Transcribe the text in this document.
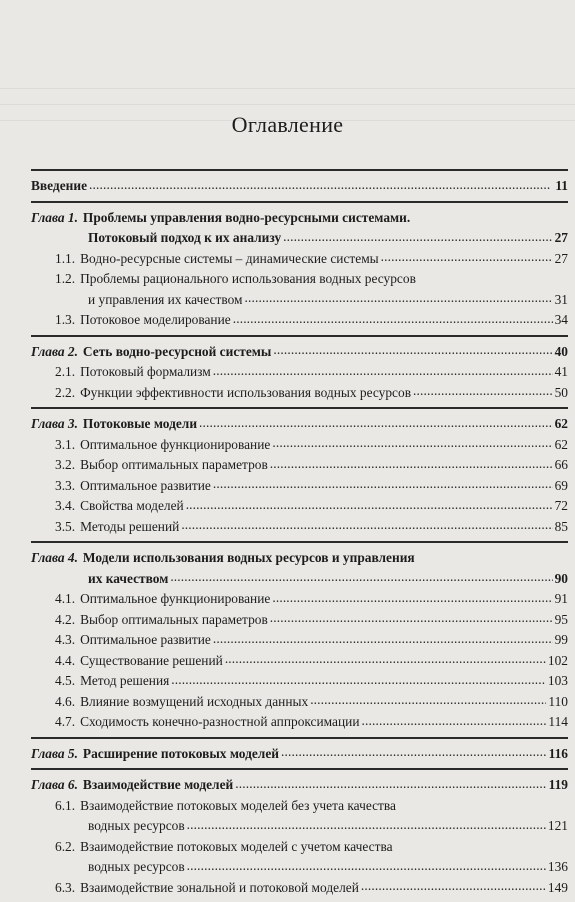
Оглавление
Введение . . .	11
Глава 1. Проблемы управления водно-ресурсными системами.
Потоковый подход к их анализу . . .	27
1.1. Водно-ресурсные системы – динамические системы . . .	27
1.2. Проблемы рационального использования водных ресурсов
и управления их качеством . . .	31
1.3. Потоковое моделирование . . .	34
Глава 2. Сеть водно-ресурсной системы . . .	40
2.1. Потоковый формализм . . .	41
2.2. Функции эффективности использования водных ресурсов . . .	50
Глава 3. Потоковые модели . . .	62
3.1. Оптимальное функционирование . . .	62
3.2. Выбор оптимальных параметров . . .	66
3.3. Оптимальное развитие . . .	69
3.4. Свойства моделей . . .	72
3.5. Методы решений . . .	85
Глава 4. Модели использования водных ресурсов и управления
их качеством . . .	90
4.1. Оптимальное функционирование . . .	91
4.2. Выбор оптимальных параметров . . .	95
4.3. Оптимальное развитие . . .	99
4.4. Существование решений . . .	102
4.5. Метод решения . . .	103
4.6. Влияние возмущений исходных данных . . .	110
4.7. Сходимость конечно-разностной аппроксимации . . .	114
Глава 5. Расширение потоковых моделей . . .	116
Глава 6. Взаимодействие моделей . . .	119
6.1. Взаимодействие потоковых моделей без учета качества
водных ресурсов . . .	121
6.2. Взаимодействие потоковых моделей с учетом качества
водных ресурсов . . .	136
6.3. Взаимодействие зональной и потоковой моделей . . .	149
